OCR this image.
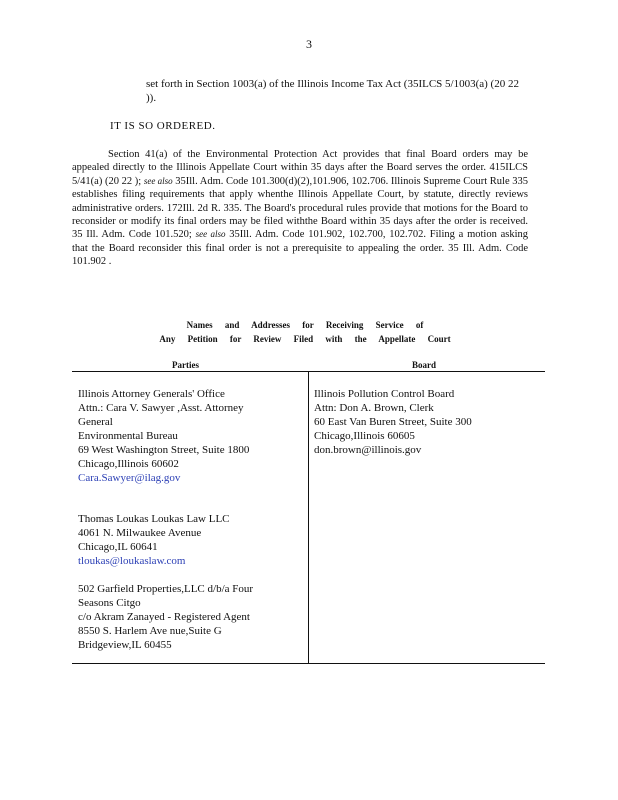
3
set forth in Section 1003(a) of the Illinois Income Tax Act (35ILCS 5/1003(a) (20 22 )).
IT IS SO ORDERED.
Section 41(a) of the Environmental Protection Act provides that final Board orders may be appealed directly to the Illinois Appellate Court within 35 days after the Board serves the order. 415ILCS 5/41(a) (20 22 ); see also 35Ill. Adm. Code 101.300(d)(2),101.906, 102.706. Illinois Supreme Court Rule 335 establishes filing requirements that apply whenthe Illinois Appellate Court, by statute, directly reviews administrative orders. 172Ill. 2d R. 335. The Board's procedural rules provide that motions for the Board to reconsider or modify its final orders may be filed withthe Board within 35 days after the order is received. 35 Ill. Adm. Code 101.520; see also 35Ill. Adm. Code 101.902, 102.700, 102.702. Filing a motion asking that the Board reconsider this final order is not a prerequisite to appealing the order. 35 Ill. Adm. Code 101.902 .
Names and Addresses for Receiving Service of
Any Petition for Review Filed with the Appellate Court
Parties	Board
Illinois Attorney Generals' Office
Attn.: Cara V. Sawyer ,Asst. Attorney
General
Environmental Bureau
69 West Washington Street, Suite 1800
Chicago,Illinois 60602
Cara.Sawyer@ilag.gov
Thomas Loukas Loukas Law LLC
4061 N. Milwaukee Avenue
Chicago,IL 60641
tloukas@loukaslaw.com
502 Garfield Properties,LLC d/b/a Four
Seasons Citgo
c/o Akram Zanayed - Registered Agent
8550 S. Harlem Ave nue,Suite G
Bridgeview,IL 60455
Illinois Pollution Control Board
Attn: Don A. Brown, Clerk
60 East Van Buren Street, Suite 300
Chicago,Illinois 60605
don.brown@illinois.gov
